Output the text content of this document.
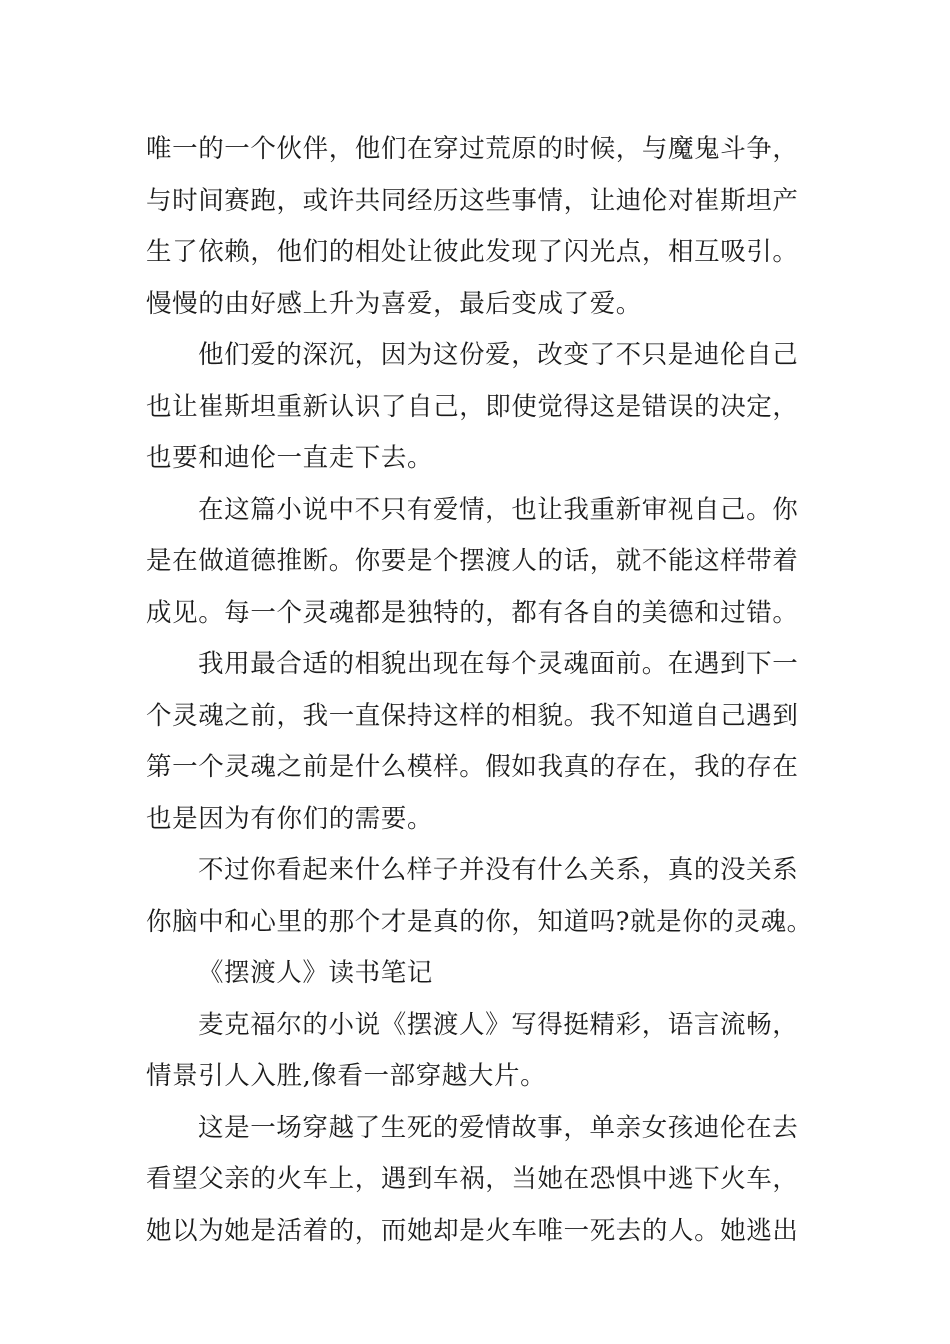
唯一的一个伙伴，他们在穿过荒原的时候，与魔鬼斗争，
与时间赛跑，或许共同经历这些事情，让迪伦对崔斯坦产
生了依赖，他们的相处让彼此发现了闪光点，相互吸引。
慢慢的由好感上升为喜爱，最后变成了爱。
他们爱的深沉，因为这份爱，改变了不只是迪伦自己
也让崔斯坦重新认识了自己，即使觉得这是错误的决定，
也要和迪伦一直走下去。
在这篇小说中不只有爱情，也让我重新审视自己。你
是在做道德推断。你要是个摆渡人的话，就不能这样带着
成见。每一个灵魂都是独特的，都有各自的美德和过错。
我用最合适的相貌出现在每个灵魂面前。在遇到下一
个灵魂之前，我一直保持这样的相貌。我不知道自己遇到
第一个灵魂之前是什么模样。假如我真的存在，我的存在
也是因为有你们的需要。
不过你看起来什么样子并没有什么关系，真的没关系
你脑中和心里的那个才是真的你，知道吗?就是你的灵魂。
《摆渡人》读书笔记
麦克福尔的小说《摆渡人》写得挺精彩，语言流畅，
情景引人入胜,像看一部穿越大片。
这是一场穿越了生死的爱情故事，单亲女孩迪伦在去
看望父亲的火车上，遇到车祸，当她在恐惧中逃下火车，
她以为她是活着的，而她却是火车唯一死去的人。她逃出
